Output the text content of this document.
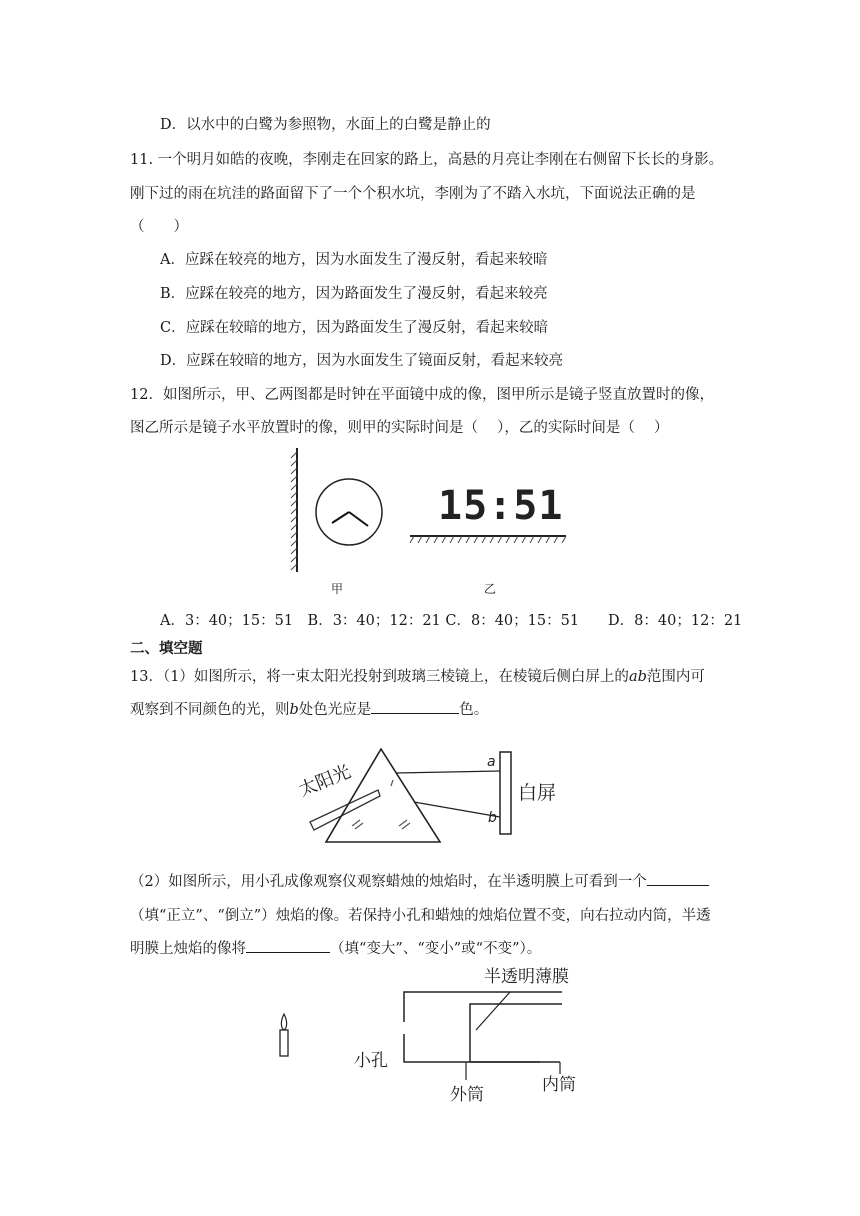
D．以水中的白鹭为参照物，水面上的白鹭是静止的
11. 一个明月如皓的夜晚，李刚走在回家的路上，高悬的月亮让李刚在右侧留下长长的身影。
刚下过的雨在坑洼的路面留下了一个个积水坑，李刚为了不踏入水坑，下面说法正确的是
（　　）
A．应踩在较亮的地方，因为水面发生了漫反射，看起来较暗
B．应踩在较亮的地方，因为路面发生了漫反射，看起来较亮
C．应踩在较暗的地方，因为路面发生了漫反射，看起来较暗
D．应踩在较暗的地方，因为水面发生了镜面反射，看起来较亮
12．如图所示，甲、乙两图都是时钟在平面镜中成的像，图甲所示是镜子竖直放置时的像，
图乙所示是镜子水平放置时的像，则甲的实际时间是（　 ），乙的实际时间是（　 ）
15:51
甲	乙
A．3：40；15：51　B．3：40；12：21 C．8：40；15：51　　D．8：40；12：21
二、填空题
13．（1）如图所示，将一束太阳光投射到玻璃三棱镜上，在棱镜后侧白屏上的ab范围内可
观察到不同颜色的光，则b处色光应是	色。
太阳光	a
b
白屏
（2）如图所示，用小孔成像观察仪观察蜡烛的烛焰时，在半透明膜上可看到一个
（填“正立”、“倒立”）烛焰的像。若保持小孔和蜡烛的烛焰位置不变，向右拉动内筒，半透
明膜上烛焰的像将	（填“变大”、“变小”或“不变”）。
半透明薄膜
小孔
外筒	内筒
